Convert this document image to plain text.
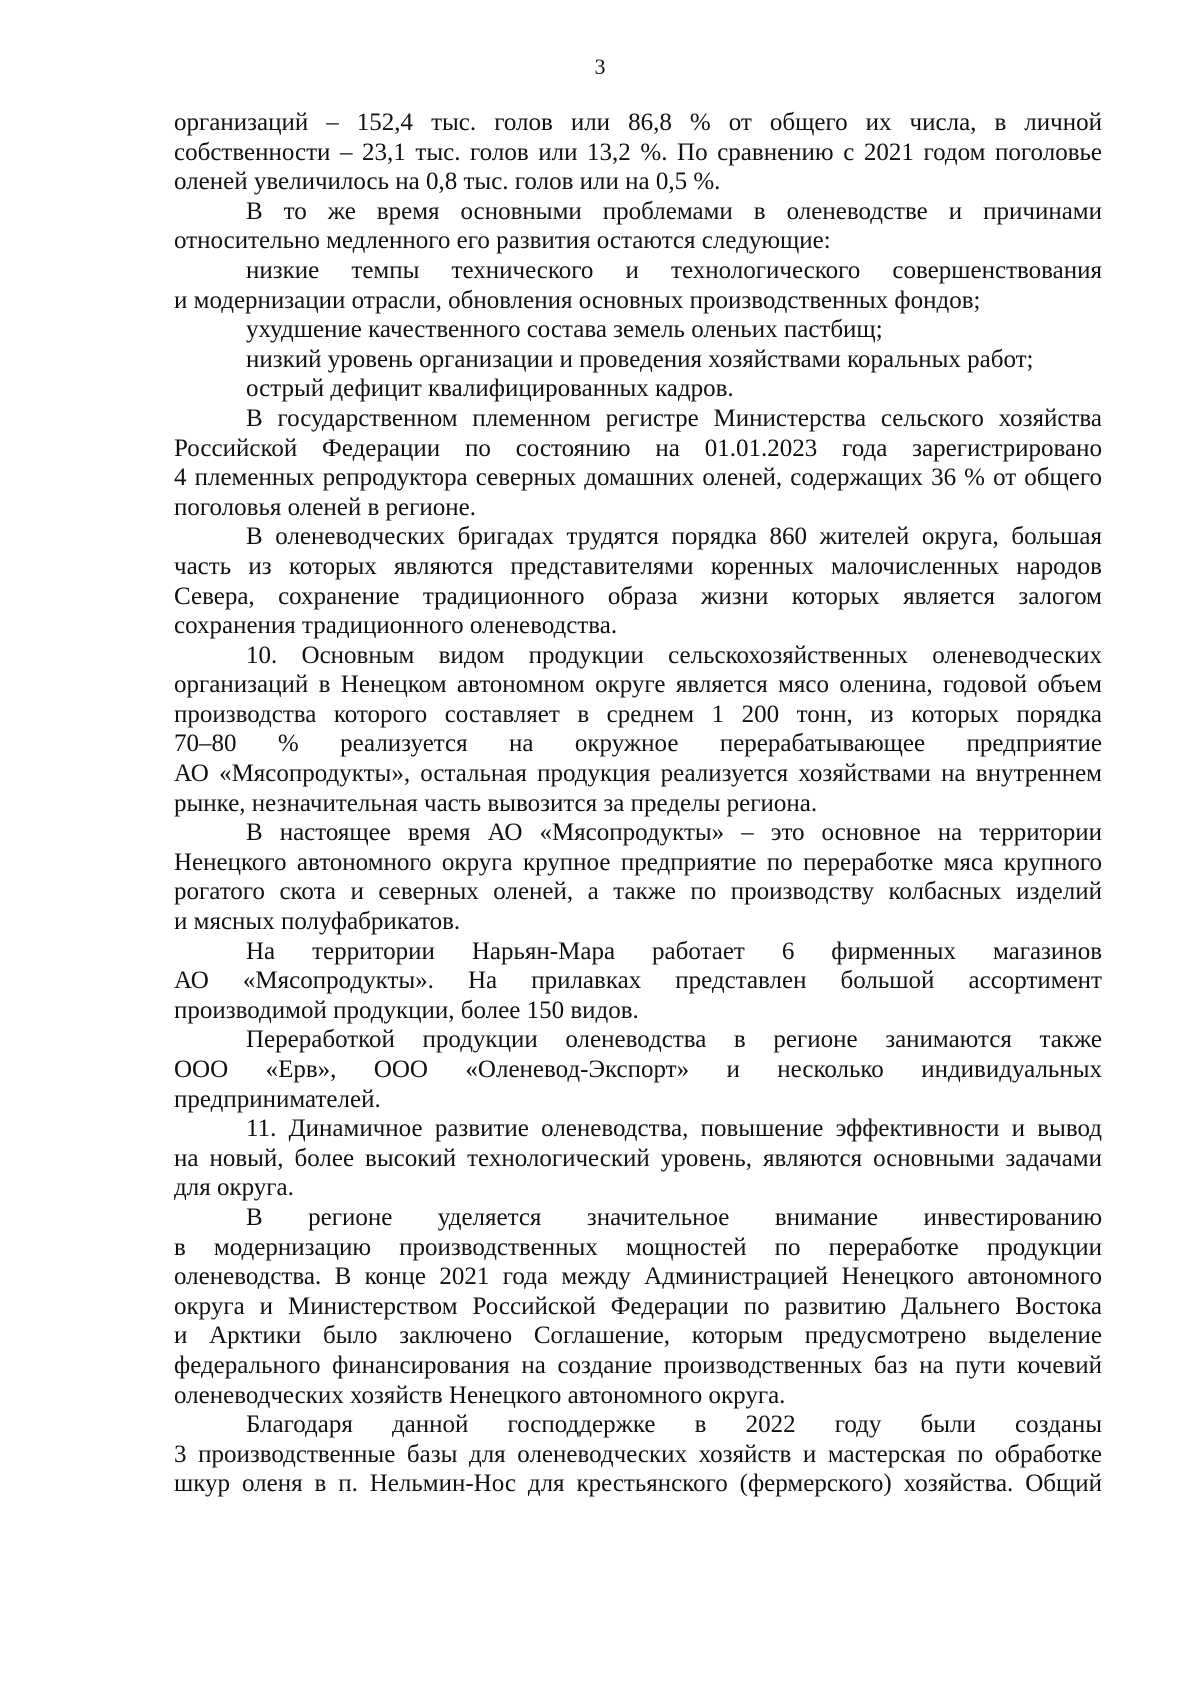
3
организаций – 152,4 тыс. голов или 86,8 % от общего их числа, в личной
собственности – 23,1 тыс. голов или 13,2 %. По сравнению с 2021 годом поголовье
оленей увеличилось на 0,8 тыс. голов или на 0,5 %.
В то же время основными проблемами в оленеводстве и причинами
относительно медленного его развития остаются следующие:
низкие темпы технического и технологического совершенствования
и модернизации отрасли, обновления основных производственных фондов;
ухудшение качественного состава земель оленьих пастбищ;
низкий уровень организации и проведения хозяйствами коральных работ;
острый дефицит квалифицированных кадров.
В государственном племенном регистре Министерства сельского хозяйства
Российской Федерации по состоянию на 01.01.2023 года зарегистрировано
4 племенных репродуктора северных домашних оленей, содержащих 36 % от общего
поголовья оленей в регионе.
В оленеводческих бригадах трудятся порядка 860 жителей округа, большая
часть из которых являются представителями коренных малочисленных народов
Севера, сохранение традиционного образа жизни которых является залогом
сохранения традиционного оленеводства.
10. Основным видом продукции сельскохозяйственных оленеводческих
организаций в Ненецком автономном округе является мясо оленина, годовой объем
производства которого составляет в среднем 1 200 тонн, из которых порядка
70–80 % реализуется на окружное перерабатывающее предприятие
АО «Мясопродукты», остальная продукция реализуется хозяйствами на внутреннем
рынке, незначительная часть вывозится за пределы региона.
В настоящее время АО «Мясопродукты» – это основное на территории
Ненецкого автономного округа крупное предприятие по переработке мяса крупного
рогатого скота и северных оленей, а также по производству колбасных изделий
и мясных полуфабрикатов.
На территории Нарьян-Мара работает 6 фирменных магазинов
АО «Мясопродукты». На прилавках представлен большой ассортимент
производимой продукции, более 150 видов.
Переработкой продукции оленеводства в регионе занимаются также
ООО «Ерв», ООО «Оленевод-Экспорт» и несколько индивидуальных
предпринимателей.
11. Динамичное развитие оленеводства, повышение эффективности и вывод
на новый, более высокий технологический уровень, являются основными задачами
для округа.
В регионе уделяется значительное внимание инвестированию
в модернизацию производственных мощностей по переработке продукции
оленеводства. В конце 2021 года между Администрацией Ненецкого автономного
округа и Министерством Российской Федерации по развитию Дальнего Востока
и Арктики было заключено Соглашение, которым предусмотрено выделение
федерального финансирования на создание производственных баз на пути кочевий
оленеводческих хозяйств Ненецкого автономного округа.
Благодаря данной господдержке в 2022 году были созданы
3 производственные базы для оленеводческих хозяйств и мастерская по обработке
шкур оленя в п. Нельмин-Нос для крестьянского (фермерского) хозяйства. Общий
